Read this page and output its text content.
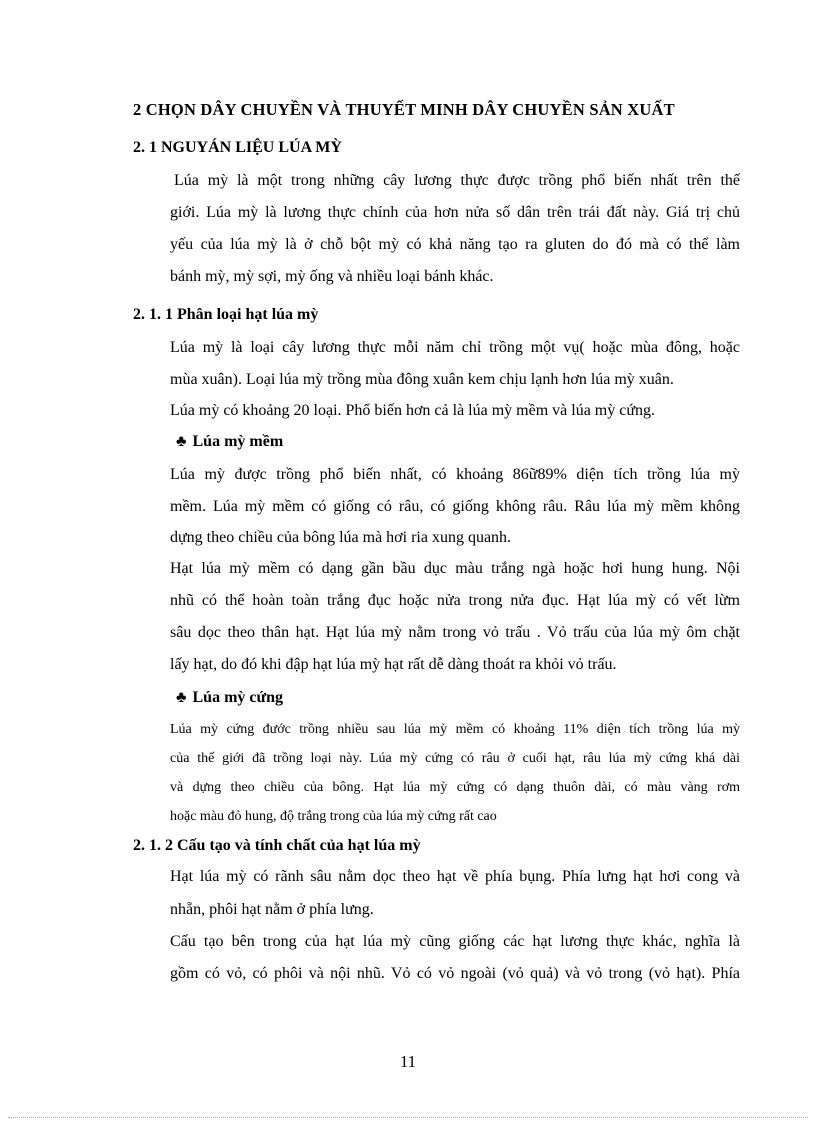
2 CHỌN DÂY CHUYỀN VÀ THUYẾT MINH DÂY CHUYỀN SẢN XUẤT
2. 1 NGUYÁN LIỆU LÚA MỲ
Lúa mỳ là một trong những cây lương thực được trồng phổ biến nhất trên thế
giới. Lúa mỳ là lương thực chính của hơn nửa số dân trên trái đất này. Giá trị chủ
yếu của lúa mỳ là ở chỗ bột mỳ có khả năng tạo ra gluten do đó mà có thể làm
bánh mỳ, mỳ sợi, mỳ ống và nhiều loại bánh khác.
2. 1. 1 Phân loại hạt lúa mỳ
Lúa mỳ là loại cây lương thực mỗi năm chỉ trồng một vụ( hoặc mùa đông, hoặc
mùa xuân). Loại lúa mỳ trồng mùa đông xuân kem chịu lạnh hơn lúa mỳ xuân.
Lúa mỳ có khoảng 20 loại. Phổ biến hơn cả là lúa mỳ mềm và lúa mỳ cứng.
♣ Lúa mỳ mềm
Lúa mỳ được trồng phổ biến nhất, có khoảng 86ữ89% diện tích trồng lúa mỳ
mềm. Lúa mỳ mềm có giống có râu, có giống không râu. Râu lúa mỳ mềm không
dựng theo chiều của bông lúa mà hơi ria xung quanh.
Hạt lúa mỳ mềm có dạng gần bầu dục màu trắng ngà hoặc hơi hung hung. Nội
nhũ có thể hoàn toàn trắng đục hoặc nửa trong nửa đục. Hạt lúa mỳ có vết lừm
sâu dọc theo thân hạt. Hạt lúa mỳ nằm trong vỏ trấu . Vỏ trấu của lúa mỳ ôm chặt
lấy hạt, do đó khi đập hạt lúa mỳ hạt rất dễ dàng thoát ra khỏi vỏ trấu.
♣ Lúa mỳ cứng
Lúa mỳ cứng đước trồng nhiều sau lúa mỳ mềm có khoảng 11% diện tích trồng lúa mỳ
của thế giới đã trồng loại này. Lúa mỳ cứng có râu ở cuối hạt, râu lúa mỳ cứng khá dài
và dựng theo chiều của bông. Hạt lúa mỳ cứng có dạng thuôn dài, có màu vàng rơm
hoặc màu đỏ hung, độ trắng trong của lúa mỳ cứng rất cao
2. 1. 2 Cấu tạo và tính chất của hạt lúa mỳ
Hạt lúa mỳ có rãnh sâu nằm dọc theo hạt về phía bụng. Phía lưng hạt hơi cong và
nhẵn, phôi hạt nằm ở phía lưng.
Cấu tạo bên trong của hạt lúa mỳ cũng giống các hạt lương thực khác, nghĩa là
gồm có vỏ, có phôi và nội nhũ. Vỏ có vỏ ngoài (vỏ quả) và vỏ trong (vỏ hạt). Phía
11
